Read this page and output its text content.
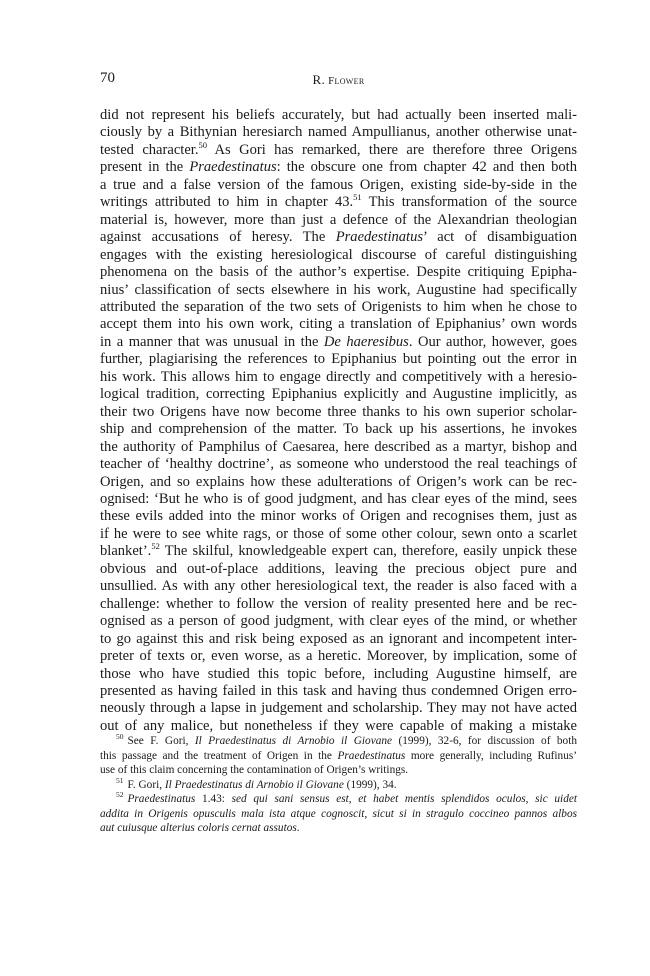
70	R. Flower
did not represent his beliefs accurately, but had actually been inserted mali-
ciously by a Bithynian heresiarch named Ampullianus, another otherwise unat-
tested character.$^{50}$ As Gori has remarked, there are therefore three Origens
present in the Praedestinatus: the obscure one from chapter 42 and then both
a true and a false version of the famous Origen, existing side-by-side in the
writings attributed to him in chapter 43.51 This transformation of the source
material is, however, more than just a defence of the Alexandrian theologian
against accusations of heresy. The Praedestinatus’ act of disambiguation
engages with the existing heresiological discourse of careful distinguishing
phenomena on the basis of the author’s expertise. Despite critiquing Epipha-
nius’ classification of sects elsewhere in his work, Augustine had specifically
attributed the separation of the two sets of Origenists to him when he chose to
accept them into his own work, citing a translation of Epiphanius’ own words
in a manner that was unusual in the De haeresibus. Our author, however, goes
further, plagiarising the references to Epiphanius but pointing out the error in
his work. This allows him to engage directly and competitively with a heresio-
logical tradition, correcting Epiphanius explicitly and Augustine implicitly, as
their two Origens have now become three thanks to his own superior scholar-
ship and comprehension of the matter. To back up his assertions, he invokes
the authority of Pamphilus of Caesarea, here described as a martyr, bishop and
teacher of ‘healthy doctrine’, as someone who understood the real teachings of
Origen, and so explains how these adulterations of Origen’s work can be rec-
ognised: ‘But he who is of good judgment, and has clear eyes of the mind, sees
these evils added into the minor works of Origen and recognises them, just as
if he were to see white rags, or those of some other colour, sewn onto a scarlet
blanket’.$^{52}$ The skilful, knowledgeable expert can, therefore, easily unpick these
obvious and out-of-place additions, leaving the precious object pure and
unsullied. As with any other heresiological text, the reader is also faced with a
challenge: whether to follow the version of reality presented here and be rec-
ognised as a person of good judgment, with clear eyes of the mind, or whether
to go against this and risk being exposed as an ignorant and incompetent inter-
preter of texts or, even worse, as a heretic. Moreover, by implication, some of
those who have studied this topic before, including Augustine himself, are
presented as having failed in this task and having thus condemned Origen erro-
neously through a lapse in judgement and scholarship. They may not have acted
out of any malice, but nonetheless if they were capable of making a mistake
$^{50}$ See F. Gori, Il Praedestinatus di Arnobio il Giovane (1999), 32-6, for discussion of both
this passage and the treatment of Origen in the Praedestinatus more generally, including Rufinus’
use of this claim concerning the contamination of Origen’s writings.
$^{51}$ F. Gori, Il Praedestinatus di Arnobio il Giovane (1999), 34.
$^{52}$ Praedestinatus 1.43: sed qui sani sensus est, et habet mentis splendidos oculos, sic uidet
addita in Origenis opusculis mala ista atque cognoscit, sicut si in stragulo coccineo pannos albos
aut cuiusque alterius coloris cernat assutos.
